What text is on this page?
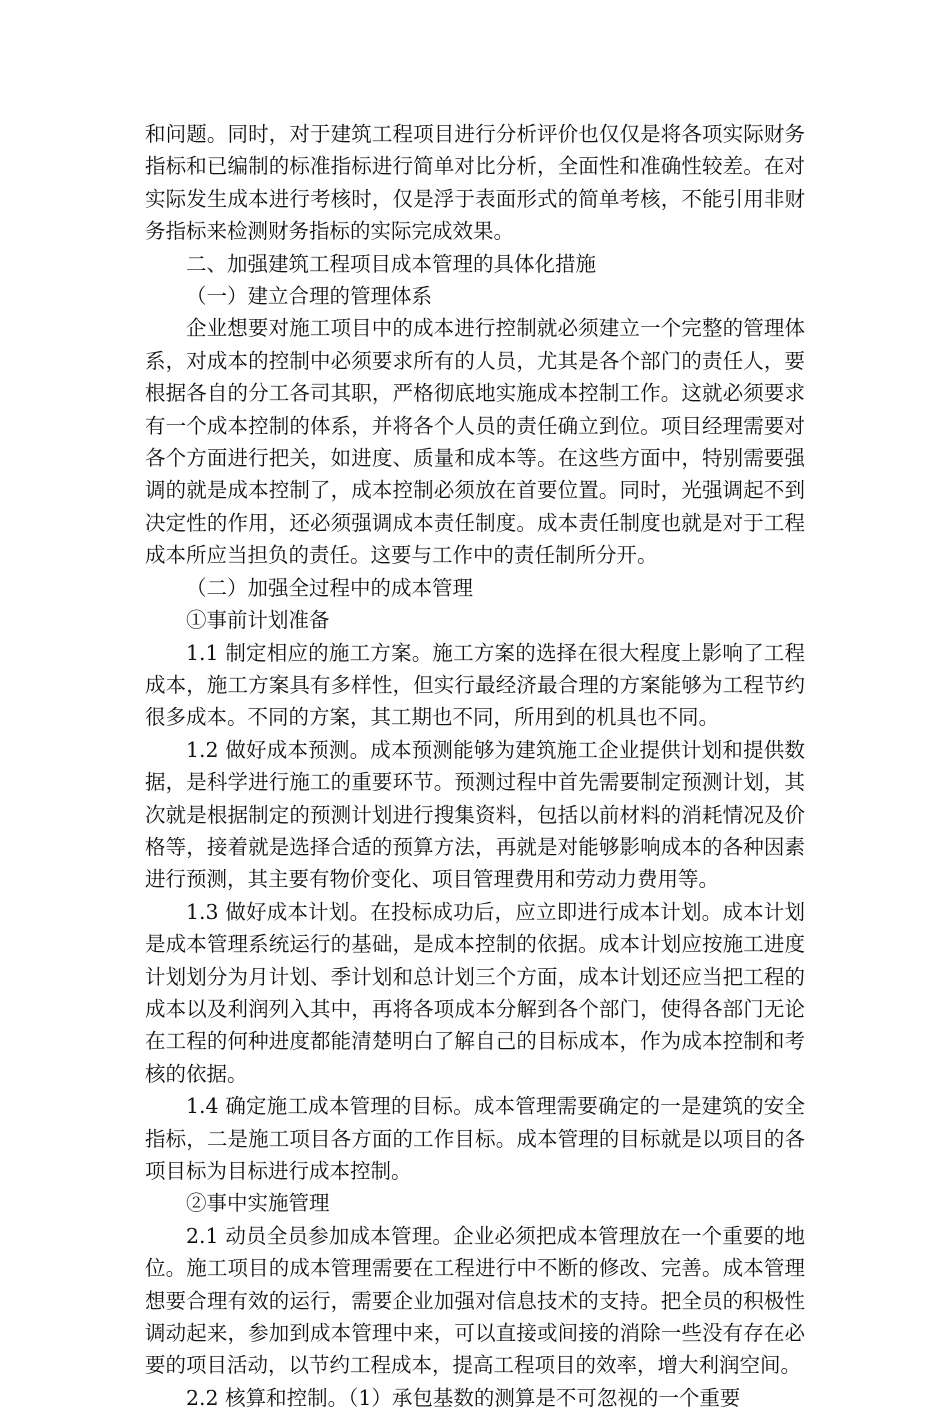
和问题。同时，对于建筑工程项目进行分析评价也仅仅是将各项实际财务指标和已编制的标准指标进行简单对比分析，全面性和准确性较差。在对实际发生成本进行考核时，仅是浮于表面形式的简单考核，不能引用非财务指标来检测财务指标的实际完成效果。

二、加强建筑工程项目成本管理的具体化措施

（一）建立合理的管理体系

企业想要对施工项目中的成本进行控制就必须建立一个完整的管理体系，对成本的控制中必须要求所有的人员，尤其是各个部门的责任人，要根据各自的分工各司其职，严格彻底地实施成本控制工作。这就必须要求有一个成本控制的体系，并将各个人员的责任确立到位。项目经理需要对各个方面进行把关，如进度、质量和成本等。在这些方面中，特别需要强调的就是成本控制了，成本控制必须放在首要位置。同时，光强调起不到决定性的作用，还必须强调成本责任制度。成本责任制度也就是对于工程成本所应当担负的责任。这要与工作中的责任制所分开。

（二）加强全过程中的成本管理

①事前计划准备

1.1 制定相应的施工方案。施工方案的选择在很大程度上影响了工程成本，施工方案具有多样性，但实行最经济最合理的方案能够为工程节约很多成本。不同的方案，其工期也不同，所用到的机具也不同。

1.2 做好成本预测。成本预测能够为建筑施工企业提供计划和提供数据，是科学进行施工的重要环节。预测过程中首先需要制定预测计划，其次就是根据制定的预测计划进行搜集资料，包括以前材料的消耗情况及价格等，接着就是选择合适的预算方法，再就是对能够影响成本的各种因素进行预测，其主要有物价变化、项目管理费用和劳动力费用等。

1.3 做好成本计划。在投标成功后，应立即进行成本计划。成本计划是成本管理系统运行的基础，是成本控制的依据。成本计划应按施工进度计划划分为月计划、季计划和总计划三个方面，成本计划还应当把工程的成本以及利润列入其中，再将各项成本分解到各个部门，使得各部门无论在工程的何种进度都能清楚明白了解自己的目标成本，作为成本控制和考核的依据。

1.4 确定施工成本管理的目标。成本管理需要确定的一是建筑的安全指标，二是施工项目各方面的工作目标。成本管理的目标就是以项目的各项目标为目标进行成本控制。

②事中实施管理

2.1 动员全员参加成本管理。企业必须把成本管理放在一个重要的地位。施工项目的成本管理需要在工程进行中不断的修改、完善。成本管理想要合理有效的运行，需要企业加强对信息技术的支持。把全员的积极性调动起来，参加到成本管理中来，可以直接或间接的消除一些没有存在必要的项目活动，以节约工程成本，提高工程项目的效率，增大利润空间。

2.2 核算和控制。（1）承包基数的测算是不可忽视的一个重要
